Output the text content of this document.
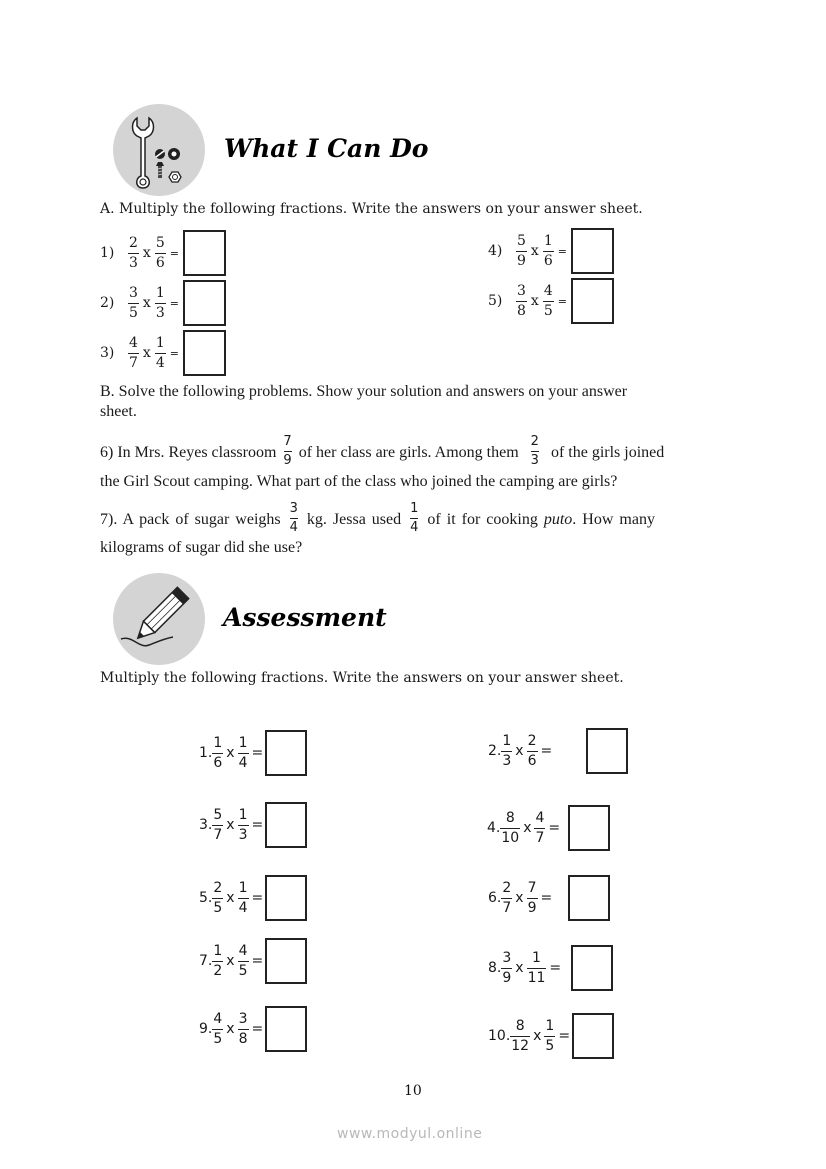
What I Can Do
A. Multiply the following fractions. Write the answers on your answer sheet.
$1) \frac{2}{3}$ x $\frac{5}{6}$ =
$2) \frac{3}{5}$ x $\frac{1}{3}$ =
$3) \frac{4}{7}$ x $\frac{1}{4}$ =
$4) \frac{5}{9}$ x $\frac{1}{6}$ =
$5) \frac{3}{8}$ x $\frac{4}{5}$ =
B. Solve the following problems. Show your solution and answers on your answer
sheet.
6) In Mrs. Reyes classroom $\frac{7}{9}$ of her class are girls. Among them $\frac{2}{3}$ of the girls joined
the Girl Scout camping. What part of the class who joined the camping are girls?
7). A pack of sugar weighs $\frac{3}{4}$ kg. Jessa used $\frac{1}{4}$ of it for cooking puto. How many
kilograms of sugar did she use?
Assessment
Multiply the following fractions. Write the answers on your answer sheet.
1. $\frac{1}{6}$ x $\frac{1}{4}$ =	2. $\frac{1}{3}$ x $\frac{2}{6}$ =
3. $\frac{5}{7}$ x $\frac{1}{3}$ =	4. $\frac{8}{10}$ x $\frac{4}{7}$ =
5. $\frac{2}{5}$ x $\frac{1}{4}$ =	6. $\frac{2}{7}$ x $\frac{7}{9}$ =
7. $\frac{1}{2}$ x $\frac{4}{5}$ =	8. $\frac{3}{9}$ x $\frac{1}{11}$ =
9. $\frac{4}{5}$ x $\frac{3}{8}$ =	10. $\frac{8}{12}$ x $\frac{1}{5}$ =
10
www.modyul.online
